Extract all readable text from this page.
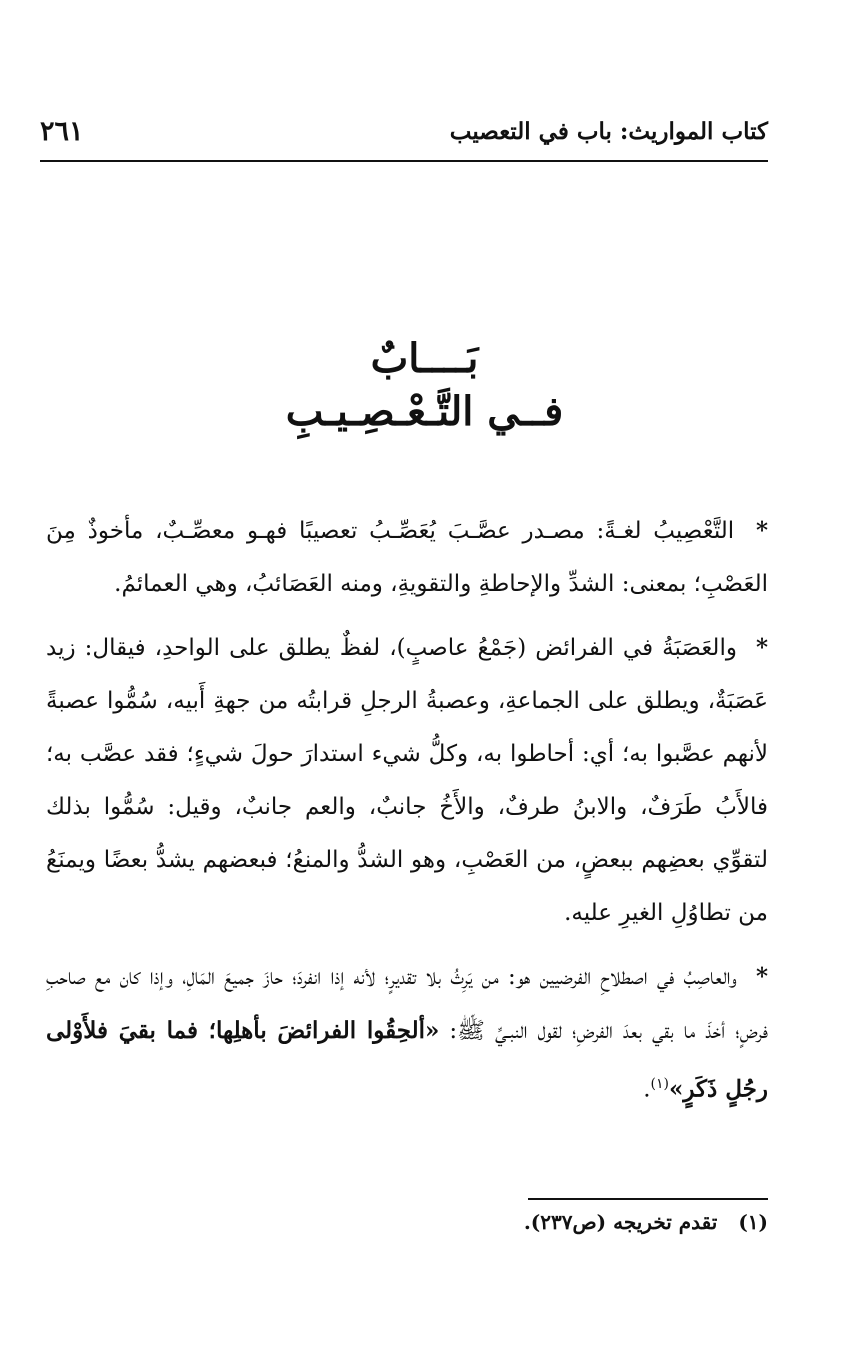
كتاب المواريث: باب في التعصيب
٢٦١
بَــــابٌ
فــي التَّـعْـصِـيـبِ

* التَّعْصِيبُ لغـةً: مصـدر عصَّـبَ يُعَصِّـبُ تعصيبًا فهـو معصِّـبٌ، مأخوذٌ مِنَ العَصْبِ؛ بمعنى: الشدِّ والإحاطةِ والتقويةِ، ومنه العَصَائبُ، وهي العمائمُ.

* والعَصَبَةُ في الفرائض (جَمْعُ عاصبٍ)، لفظٌ يطلق على الواحدِ، فيقال: زيد عَصَبَةٌ، ويطلق على الجماعةِ، وعصبةُ الرجلِ قرابتُه من جهةِ أَبيه، سُمُّوا عصبةً لأنهم عصَّبوا به؛ أي: أحاطوا به، وكلُّ شيء استدارَ حولَ شيءٍ؛ فقد عصَّب به؛ فالأَبُ طَرَفٌ، والابنُ طرفٌ، والأَخُ جانبٌ، والعم جانبٌ، وقيل: سُمُّوا بذلك لتقوِّي بعضِهم ببعضٍ، من العَصْبِ، وهو الشدُّ والمنعُ؛ فبعضهم يشدُّ بعضًا ويمنَعُ من تطاوُلِ الغيرِ عليه.

* والعاصِبُ في اصطلاحِ الفرضيين هو: من يَرِثُ بلا تقديرٍ؛ لأنه إذا انفردَ؛ حازَ جميعَ المَالِ، وإذا كان مع صاحبِ فرضٍ؛ أخذَ ما بقي بعدَ الفرضِ؛ لقول النبـيِّ ﷺ: «ألحِقُوا الفرائضَ بأهلِها؛ فما بقيَ فلأَوْلى رجُلٍ ذَكَرٍ»$^{(١)}$.

(١) تقدم تخريجه (ص٢٣٧).
